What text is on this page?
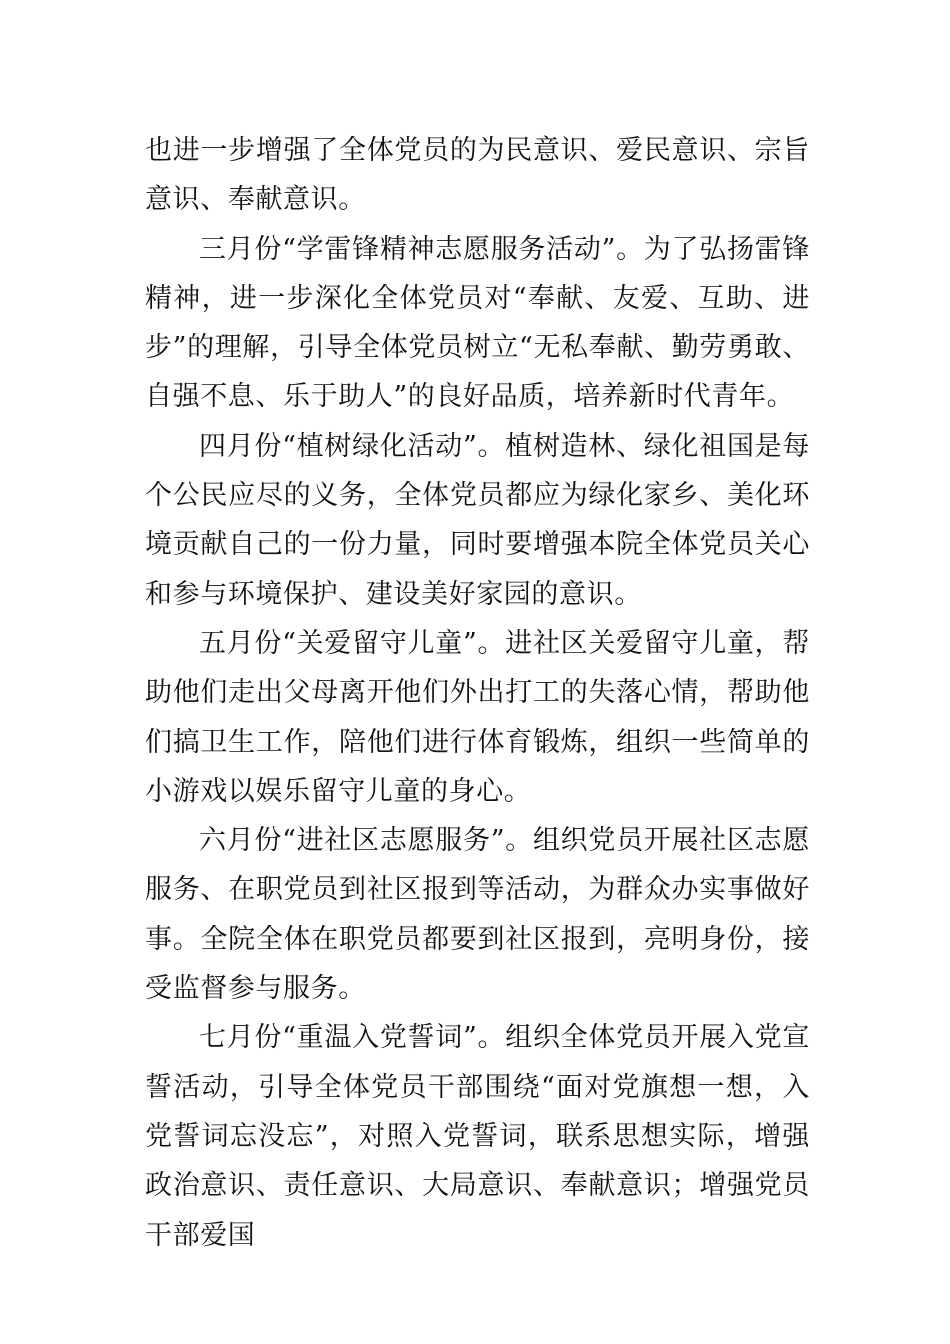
也进一步增强了全体党员的为民意识、爱民意识、宗旨意识、奉献意识。

三月份“学雷锋精神志愿服务活动”。为了弘扬雷锋精神，进一步深化全体党员对“奉献、友爱、互助、进步”的理解，引导全体党员树立“无私奉献、勤劳勇敢、自强不息、乐于助人”的良好品质，培养新时代青年。

四月份“植树绿化活动”。植树造林、绿化祖国是每个公民应尽的义务，全体党员都应为绿化家乡、美化环境贡献自己的一份力量，同时要增强本院全体党员关心和参与环境保护、建设美好家园的意识。

五月份“关爱留守儿童”。进社区关爱留守儿童，帮助他们走出父母离开他们外出打工的失落心情，帮助他们搞卫生工作，陪他们进行体育锻炼，组织一些简单的小游戏以娱乐留守儿童的身心。

六月份“进社区志愿服务”。组织党员开展社区志愿服务、在职党员到社区报到等活动，为群众办实事做好事。全院全体在职党员都要到社区报到，亮明身份，接受监督参与服务。

七月份“重温入党誓词”。组织全体党员开展入党宣誓活动，引导全体党员干部围绕“面对党旗想一想，入党誓词忘没忘”，对照入党誓词，联系思想实际，增强政治意识、责任意识、大局意识、奉献意识；增强党员干部爱国
